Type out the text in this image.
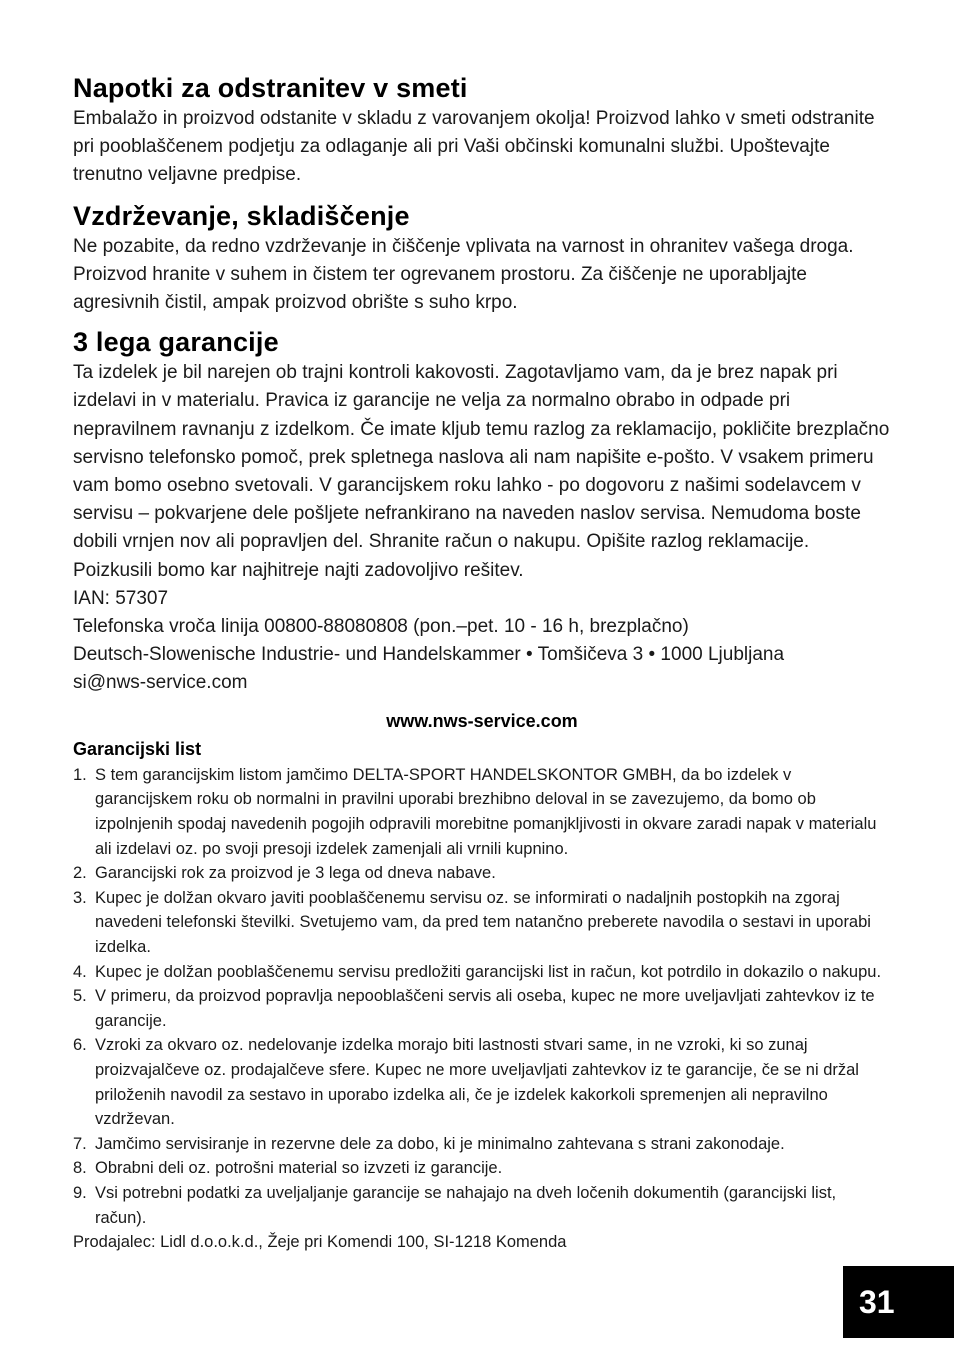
Napotki za odstranitev v smeti

Embalažo in proizvod odstanite v skladu z varovanjem okolja! Proizvod lahko v smeti odstranite pri pooblaščenem podjetju za odlaganje ali pri Vaši občinski komunalni službi. Upoštevajte trenutno veljavne predpise.

Vzdrževanje, skladiščenje

Ne pozabite, da redno vzdrževanje in čiščenje vplivata na varnost in ohranitev vašega droga. Proizvod hranite v suhem in čistem ter ogrevanem prostoru. Za čiščenje ne uporabljajte agresivnih čistil, ampak proizvod obrište s suho krpo.

3 lega garancije

Ta izdelek je bil narejen ob trajni kontroli kakovosti. Zagotavljamo vam, da je brez napak pri izdelavi in v materialu. Pravica iz garancije ne velja za normalno obrabo in odpade pri nepravilnem ravnanju z izdelkom. Če imate kljub temu razlog za reklamacijo, pokličite brezplačno servisno telefonsko pomoč, prek spletnega naslova ali nam napišite e-pošto. V vsakem primeru vam bomo osebno svetovali. V garancijskem roku lahko - po dogovoru z našimi sodelavcem v servisu – pokvarjene dele pošljete nefrankirano na naveden naslov servisa. Nemudoma boste dobili vrnjen nov ali popravljen del. Shranite račun o nakupu. Opišite razlog reklamacije. Poizkusili bomo kar najhitreje najti zadovoljivo rešitev.

IAN: 57307

Telefonska vroča linija 00800-88080808 (pon.–pet. 10 - 16 h, brezplačno)

Deutsch-Slowenische Industrie- und Handelskammer • Tomšičeva 3 • 1000 Ljubljana

si@nws-service.com

www.nws-service.com
Garancijski list
1. S tem garancijskim listom jamčimo DELTA-SPORT HANDELSKONTOR GMBH, da bo izdelek v garancijskem roku ob normalni in pravilni uporabi brezhibno deloval in se zavezujemo, da bomo ob izpolnjenih spodaj navedenih pogojih odpravili morebitne pomanjkljivosti in okvare zaradi napak v materialu ali izdelavi oz. po svoji presoji izdelek zamenjali ali vrnili kupnino.
2. Garancijski rok za proizvod je 3 lega od dneva nabave.
3. Kupec je dolžan okvaro javiti pooblaščenemu servisu oz. se informirati o nadaljnih postopkih na zgoraj navedeni telefonski številki. Svetujemo vam, da pred tem natančno preberete navodila o sestavi in uporabi izdelka.
4. Kupec je dolžan pooblaščenemu servisu predložiti garancijski list in račun, kot potrdilo in dokazilo o nakupu.
5. V primeru, da proizvod popravlja nepooblaščeni servis ali oseba, kupec ne more uveljavljati zahtevkov iz te garancije.
6. Vzroki za okvaro oz. nedelovanje izdelka morajo biti lastnosti stvari same, in ne vzroki, ki so zunaj proizvajalčeve oz. prodajalčeve sfere. Kupec ne more uveljavljati zahtevkov iz te garancije, če se ni držal priloženih navodil za sestavo in uporabo izdelka ali, če je izdelek kakorkoli spremenjen ali nepravilno vzdrževan.
7. Jamčimo servisiranje in rezervne dele za dobo, ki je minimalno zahtevana s strani zakonodaje.
8. Obrabni deli oz. potrošni material so izvzeti iz garancije.
9. Vsi potrebni podatki za uveljaljanje garancije se nahajajo na dveh ločenih dokumentih (garancijski list, račun).

Prodajalec: Lidl d.o.o.k.d., Žeje pri Komendi 100, SI-1218 Komenda

31
